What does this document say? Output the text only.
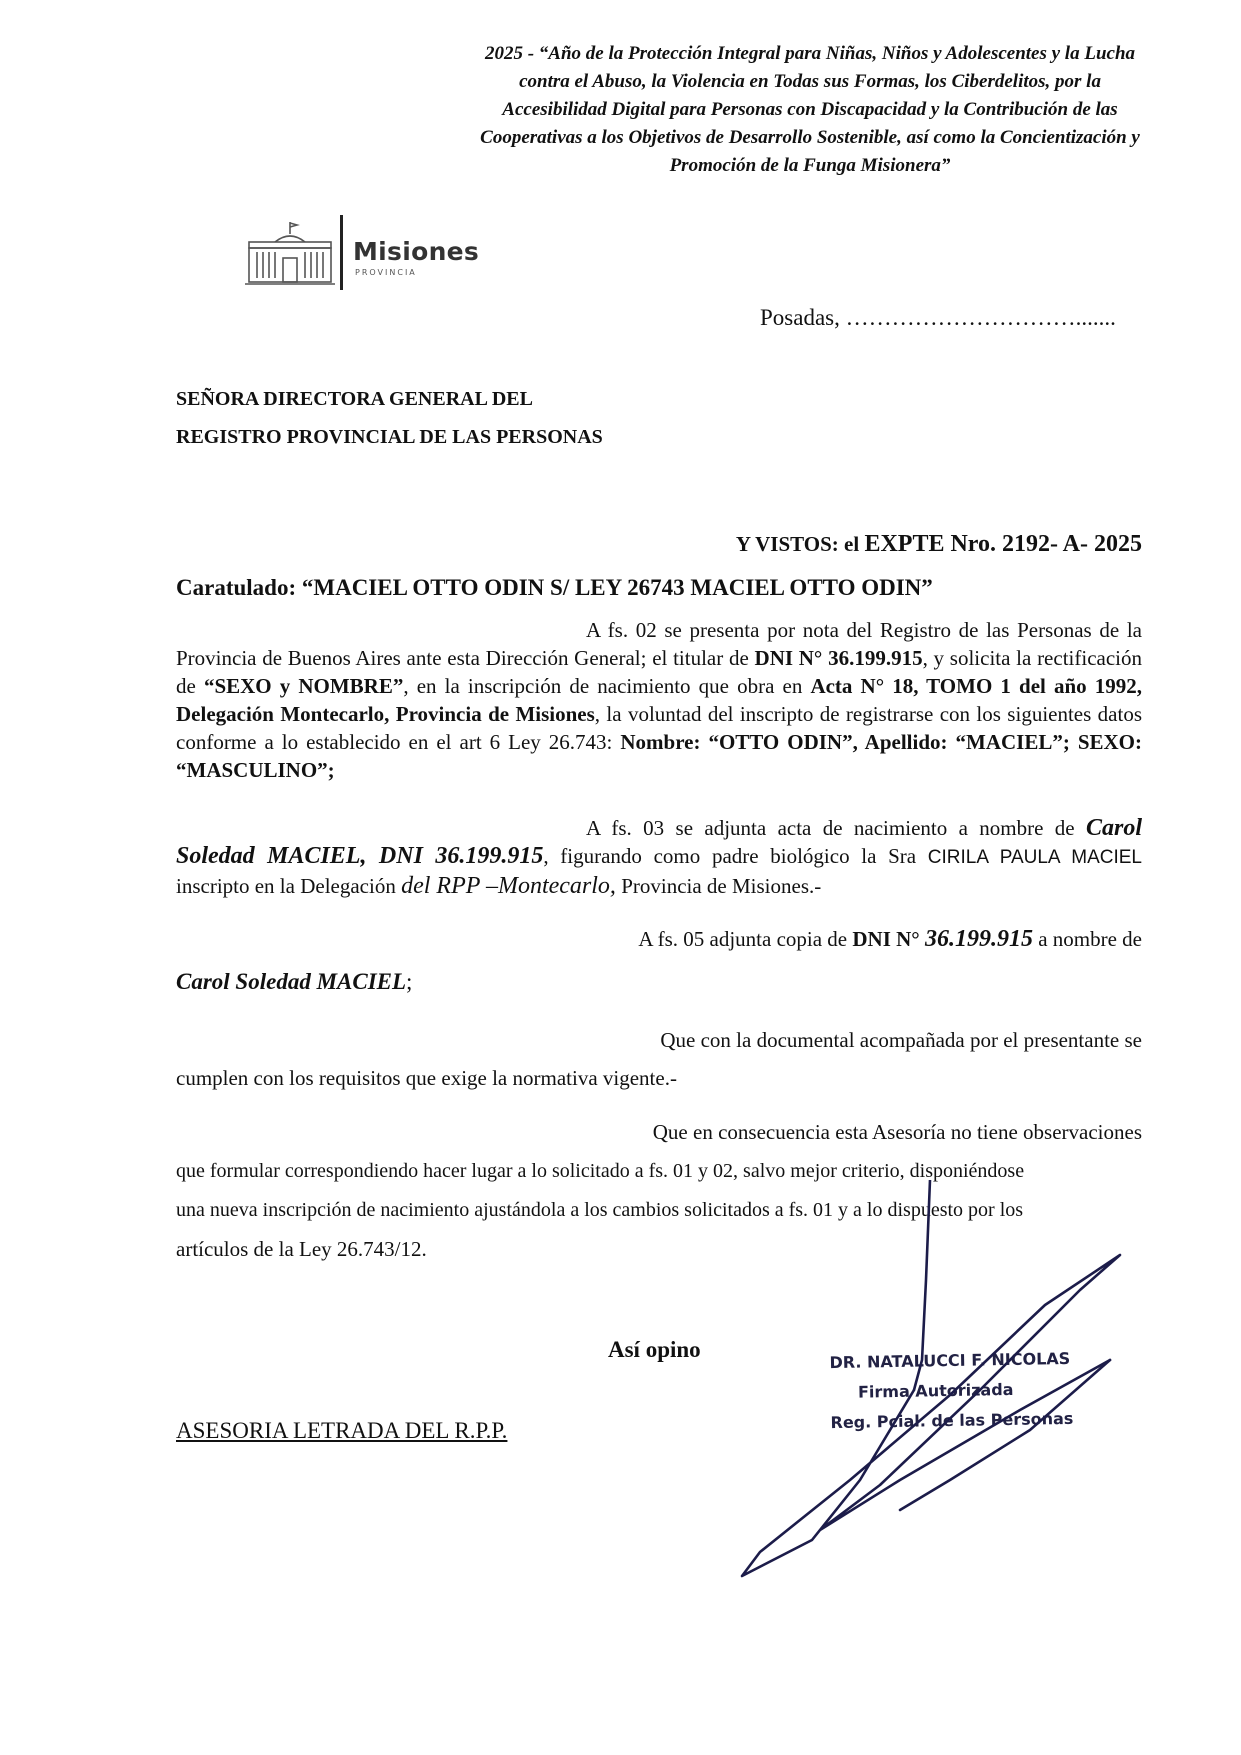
2025 - “Año de la Protección Integral para Niñas, Niños y Adolescentes y la Lucha
contra el Abuso, la Violencia en Todas sus Formas, los Ciberdelitos, por la
Accesibilidad Digital para Personas con Discapacidad y la Contribución de las
Cooperativas a los Objetivos de Desarrollo Sostenible, así como la Concientización y
Promoción de la Funga Misionera”
Misiones
PROVINCIA
Posadas, ………………………….......
SEÑORA DIRECTORA GENERAL DEL
REGISTRO PROVINCIAL DE LAS PERSONAS
Y VISTOS: el EXPTE Nro. 2192- A- 2025
Caratulado: “MACIEL OTTO ODIN S/ LEY 26743 MACIEL OTTO ODIN”
A fs. 02 se presenta por nota del Registro de las Personas de la Provincia de Buenos Aires ante esta Dirección General; el titular de DNI N° 36.199.915, y solicita la rectificación de “SEXO y NOMBRE”, en la inscripción de nacimiento que obra en Acta N° 18, TOMO 1 del año 1992, Delegación Montecarlo, Provincia de Misiones, la voluntad del inscripto de registrarse con los siguientes datos conforme a lo establecido en el art 6 Ley 26.743: Nombre: “OTTO ODIN”, Apellido: “MACIEL”; SEXO: “MASCULINO”;
A fs. 03 se adjunta acta de nacimiento a nombre de Carol Soledad MACIEL, DNI 36.199.915, figurando como padre biológico la Sra CIRILA PAULA MACIEL inscripto en la Delegación del RPP –Montecarlo, Provincia de Misiones.-
A fs. 05 adjunta copia de DNI N° 36.199.915 a nombre de
Carol Soledad MACIEL;
Que con la documental acompañada por el presentante se
cumplen con los requisitos que exige la normativa vigente.-
Que en consecuencia esta Asesoría no tiene observaciones
que formular correspondiendo hacer lugar a lo solicitado a fs. 01 y 02, salvo mejor criterio, disponiéndose
una nueva inscripción de nacimiento ajustándola a los cambios solicitados a fs. 01 y a lo dispuesto por los
artículos de la Ley 26.743/12.
Así opino
ASESORIA LETRADA DEL R.P.P.
DR. NATALUCCI F. NICOLAS
Firma Autorizada
Reg. Pcial. de las Personas
